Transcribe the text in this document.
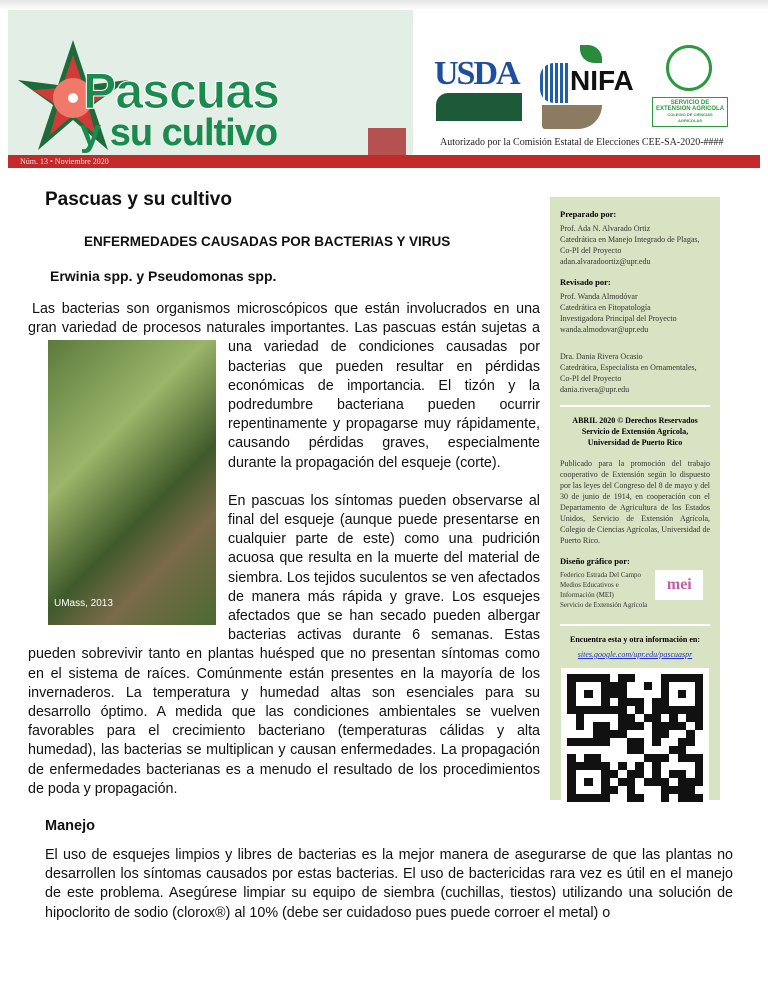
Pascuas
y su cultivo
USDA NIFA
SERVICIO DE EXTENSION AGRICOLA
COLEGIO DE CIENCIAS AGRICOLAS
Autorizado por la Comisión Estatal de Elecciones CEE-SA-2020-####
Núm. 13 • Noviembre 2020
Pascuas y su cultivo
ENFERMEDADES CAUSADAS POR BACTERIAS Y VIRUS
Erwinia spp. y Pseudomonas spp.
UMass, 2013

Las bacterias son organismos microscópicos que están involucrados en una gran variedad de procesos naturales importantes. Las pascuas están sujetas a una variedad de condiciones causadas por bacterias que pueden resultar en pérdidas económicas de importancia. El tizón y la podredumbre bacteriana pueden ocurrir repentinamente y propagarse muy rápidamente, causando pérdidas graves, especialmente durante la propagación del esqueje (corte).

En pascuas los síntomas pueden observarse al final del esqueje (aunque puede presentarse en cualquier parte de este) como una pudrición acuosa que resulta en la muerte del material de siembra. Los tejidos suculentos se ven afectados de manera más rápida y grave. Los esquejes afectados que se han secado pueden albergar bacterias activas durante 6 semanas. Estas pueden sobrevivir tanto en plantas huésped que no presentan síntomas como en el sistema de raíces. Comúnmente están presentes en la mayoría de los invernaderos. La temperatura y humedad altas son esenciales para su desarrollo óptimo. A medida que las condiciones ambientales se vuelven favorables para el crecimiento bacteriano (temperaturas cálidas y alta humedad), las bacterias se multiplican y causan enfermedades. La propagación de enfermedades bacterianas es a menudo el resultado de los procedimientos de poda y propagación.

Manejo
El uso de esquejes limpios y libres de bacterias es la mejor manera de asegurarse de que las plantas no desarrollen los síntomas causados por estas bacterias. El uso de bactericidas rara vez es útil en el manejo de este problema. Asegúrese limpiar su equipo de siembra (cuchillas, tiestos) utilizando una solución de hipoclorito de sodio (clorox®) al 10% (debe ser cuidadoso pues puede corroer el metal) o
Preparado por:
Prof. Ada N. Alvarado Ortiz
Catedrática en Manejo Integrado de Plagas,
Co-PI del Proyecto
adan.alvaradoortiz@upr.edu
Revisado por:
Prof. Wanda Almodóvar
Catedrática en Fitopatología
Investigadora Principal del Proyecto
wanda.almodovar@upr.edu
Dra. Dania Rivera Ocasio
Catedrática, Especialista en Ornamentales,
Co-PI del Proyecto
dania.rivera@upr.edu
ABRIL 2020 © Derechos Reservados
Servicio de Extensión Agrícola,
Universidad de Puerto Rico
Publicado para la promoción del trabajo cooperativo de Extensión según lo dispuesto por las leyes del Congreso del 8 de mayo y del 30 de junio de 1914, en cooperación con el Departamento de Agricultura de los Estados Unidos, Servicio de Extensión Agrícola, Colegio de Ciencias Agrícolas, Universidad de Puerto Rico.
Diseño gráfico por:
Federico Estrada Del Campo
Medios Educativos e
Información (MEI)
Servicio de Extensión Agrícola
mei
Encuentra esta y otra información en:
sites.google.com/upr.edu/pascuaspr
